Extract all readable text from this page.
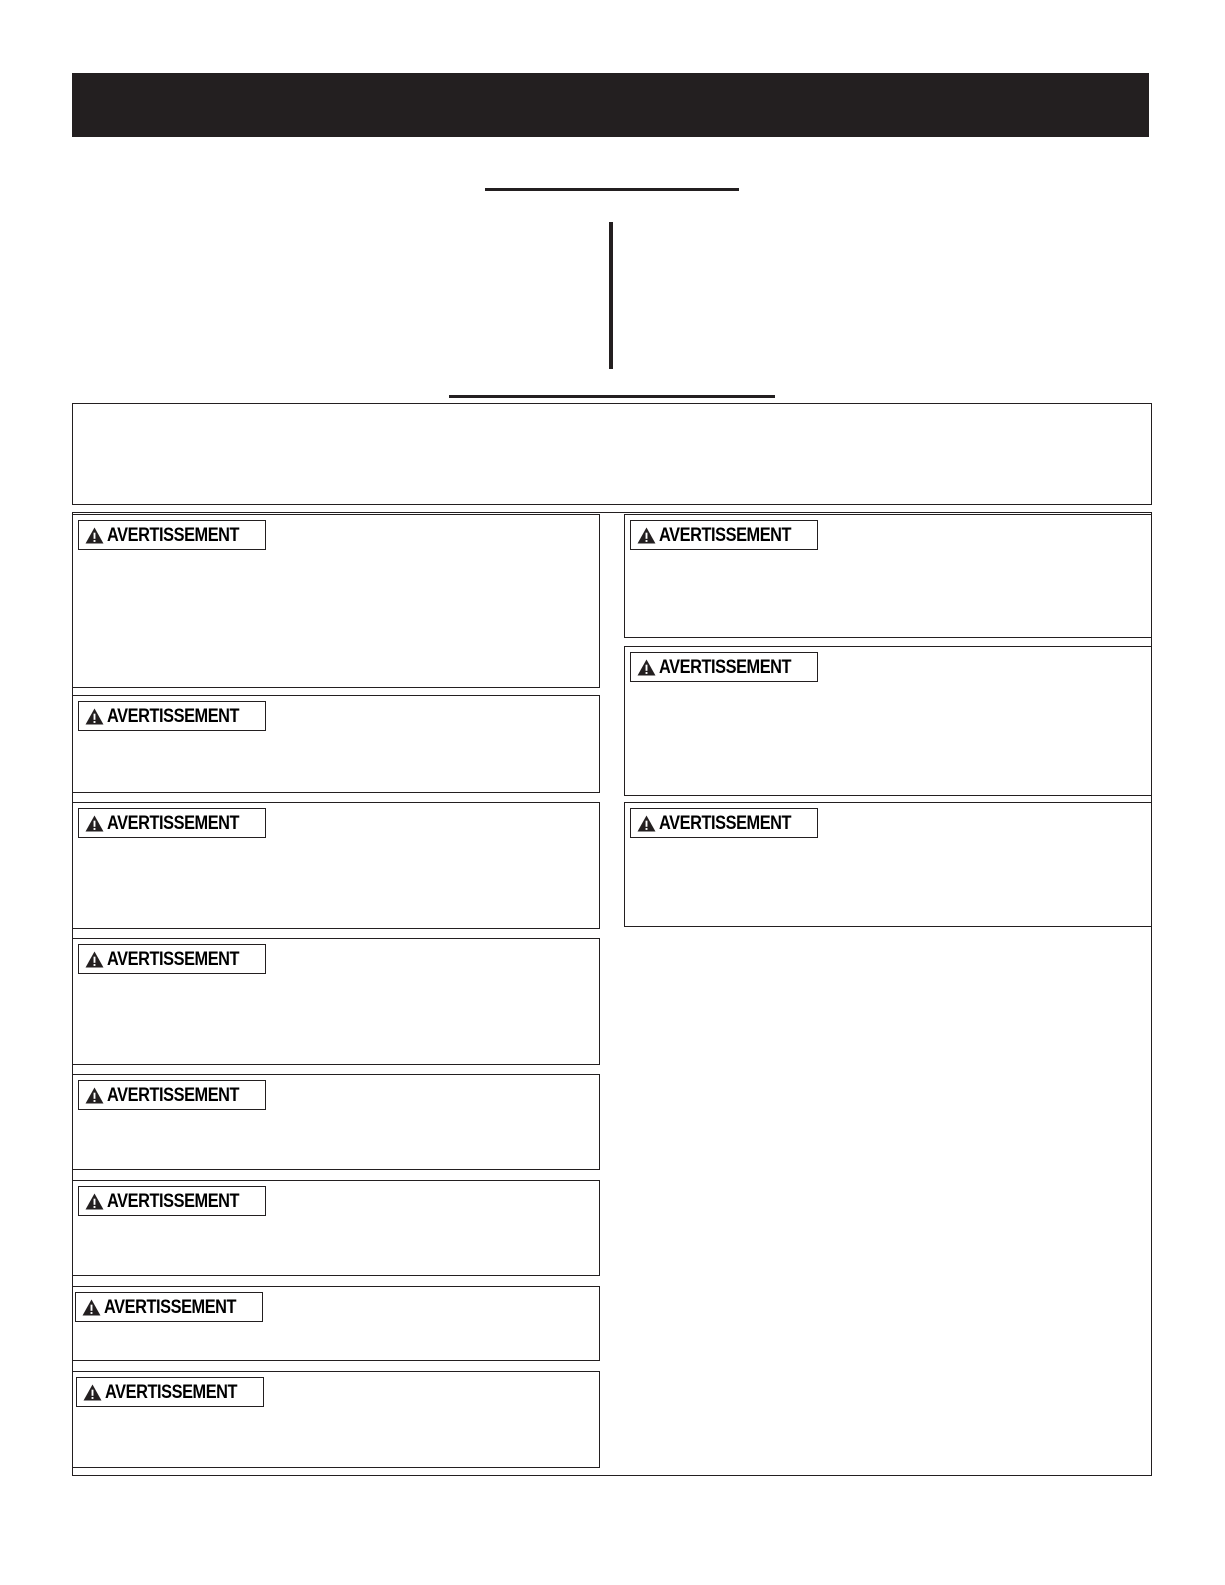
AVERTISSEMENT
AVERTISSEMENT
AVERTISSEMENT
AVERTISSEMENT
AVERTISSEMENT
AVERTISSEMENT
AVERTISSEMENT
AVERTISSEMENT
AVERTISSEMENT
AVERTISSEMENT
AVERTISSEMENT
